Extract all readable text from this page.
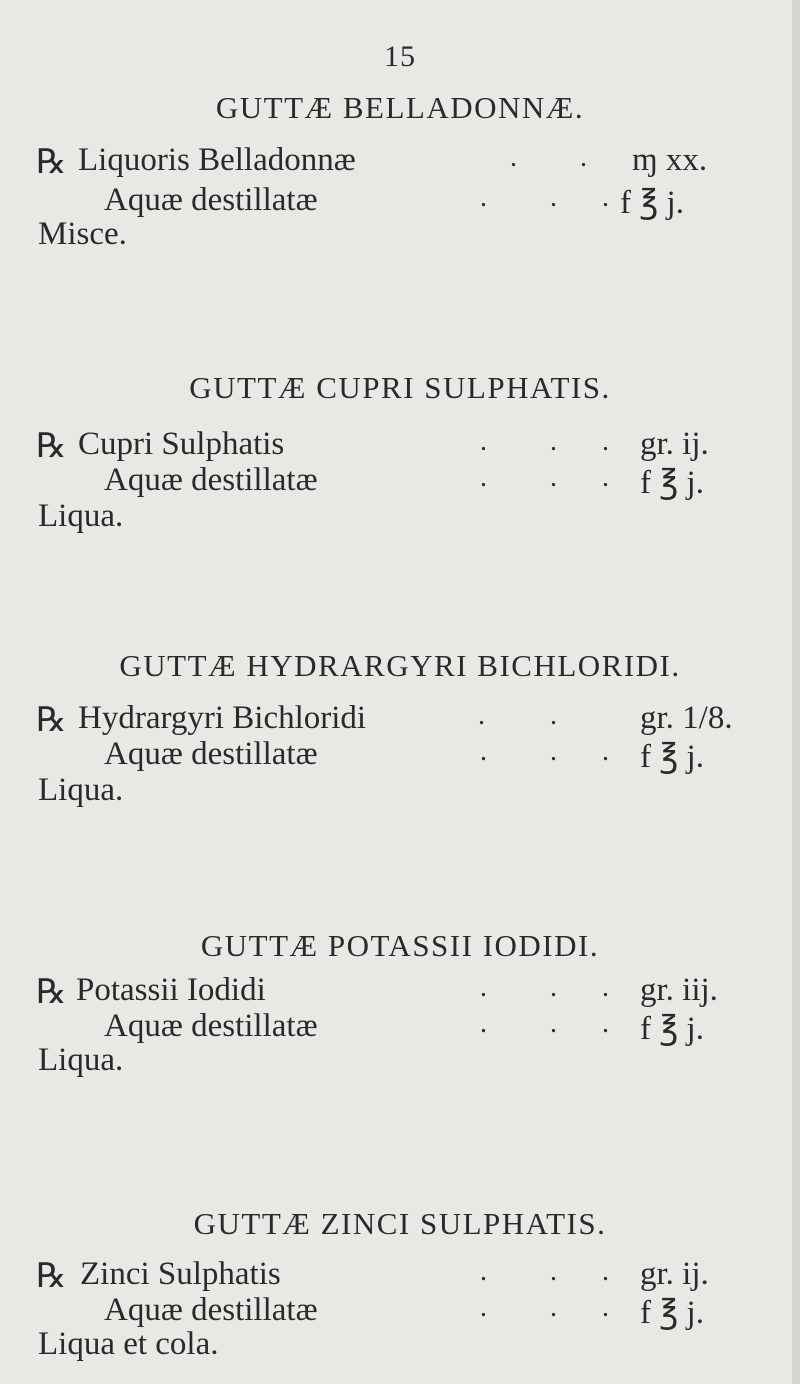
15
GUTTÆ BELLADONNÆ.
℞ Liquoris Belladonnæ	. . ɱ xx.
Aquæ destillatæ	. . . f ℥ j.
Misce.
GUTTÆ CUPRI SULPHATIS.
℞ Cupri Sulphatis	. . . gr. ij.
Aquæ destillatæ	. . . f ℥ j.
Liqua.
GUTTÆ HYDRARGYRI BICHLORIDI.
℞ Hydrargyri Bichloridi	. .	gr. 1/8.
Aquæ destillatæ	. . . f ℥ j.
Liqua.
GUTTÆ POTASSII IODIDI.
℞ Potassii Iodidi	. . . gr. iij.
Aquæ destillatæ	. . . f ℥ j.
Liqua.
GUTTÆ ZINCI SULPHATIS.
℞ Zinci Sulphatis	. . . gr. ij.
Aquæ destillatæ	. . . f ℥ j.
Liqua et cola.
